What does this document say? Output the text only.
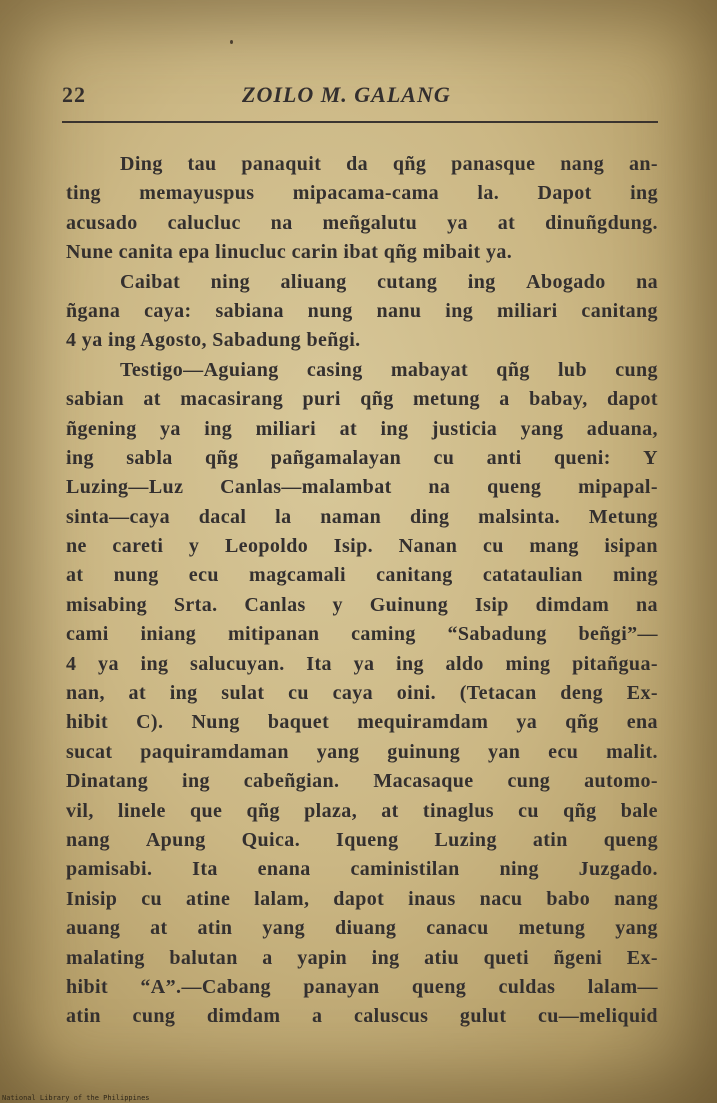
22	ZOILO M. GALANG
Ding tau panaquit da qñg panasque nang an-
ting memayuspus mipacama-cama la. Dapot ing
acusado calucluc na meñgalutu ya at dinuñgdung.
Nune canita epa linucluc carin ibat qñg mibait ya.
Caibat ning aliuang cutang ing Abogado na
ñgana caya: sabiana nung nanu ing miliari canitang
4 ya ing Agosto, Sabadung beñgi.
Testigo—Aguiang casing mabayat qñg lub cung
sabian at macasirang puri qñg metung a babay, dapot
ñgening ya ing miliari at ing justicia yang aduana,
ing sabla qñg pañgamalayan cu anti queni: Y
Luzing—Luz Canlas—malambat na queng mipapal-
sinta—caya dacal la naman ding malsinta. Metung
ne careti y Leopoldo Isip. Nanan cu mang isipan
at nung ecu magcamali canitang catataulian ming
misabing Srta. Canlas y Guinung Isip dimdam na
cami iniang mitipanan caming “Sabadung beñgi”—
4 ya ing salucuyan. Ita ya ing aldo ming pitañgua-
nan, at ing sulat cu caya oini. (Tetacan deng Ex-
hibit C). Nung baquet mequiramdam ya qñg ena
sucat paquiramdaman yang guinung yan ecu malit.
Dinatang ing cabeñgian. Macasaque cung automo-
vil, linele que qñg plaza, at tinaglus cu qñg bale
nang Apung Quica. Iqueng Luzing atin queng
pamisabi. Ita enana caministilan ning Juzgado.
Inisip cu atine lalam, dapot inaus nacu babo nang
auang at atin yang diuang canacu metung yang
malating balutan a yapin ing atiu queti ñgeni Ex-
hibit “A”.—Cabang panayan queng culdas lalam—
atin cung dimdam a caluscus gulut cu—meliquid
National Library of the Philippines
